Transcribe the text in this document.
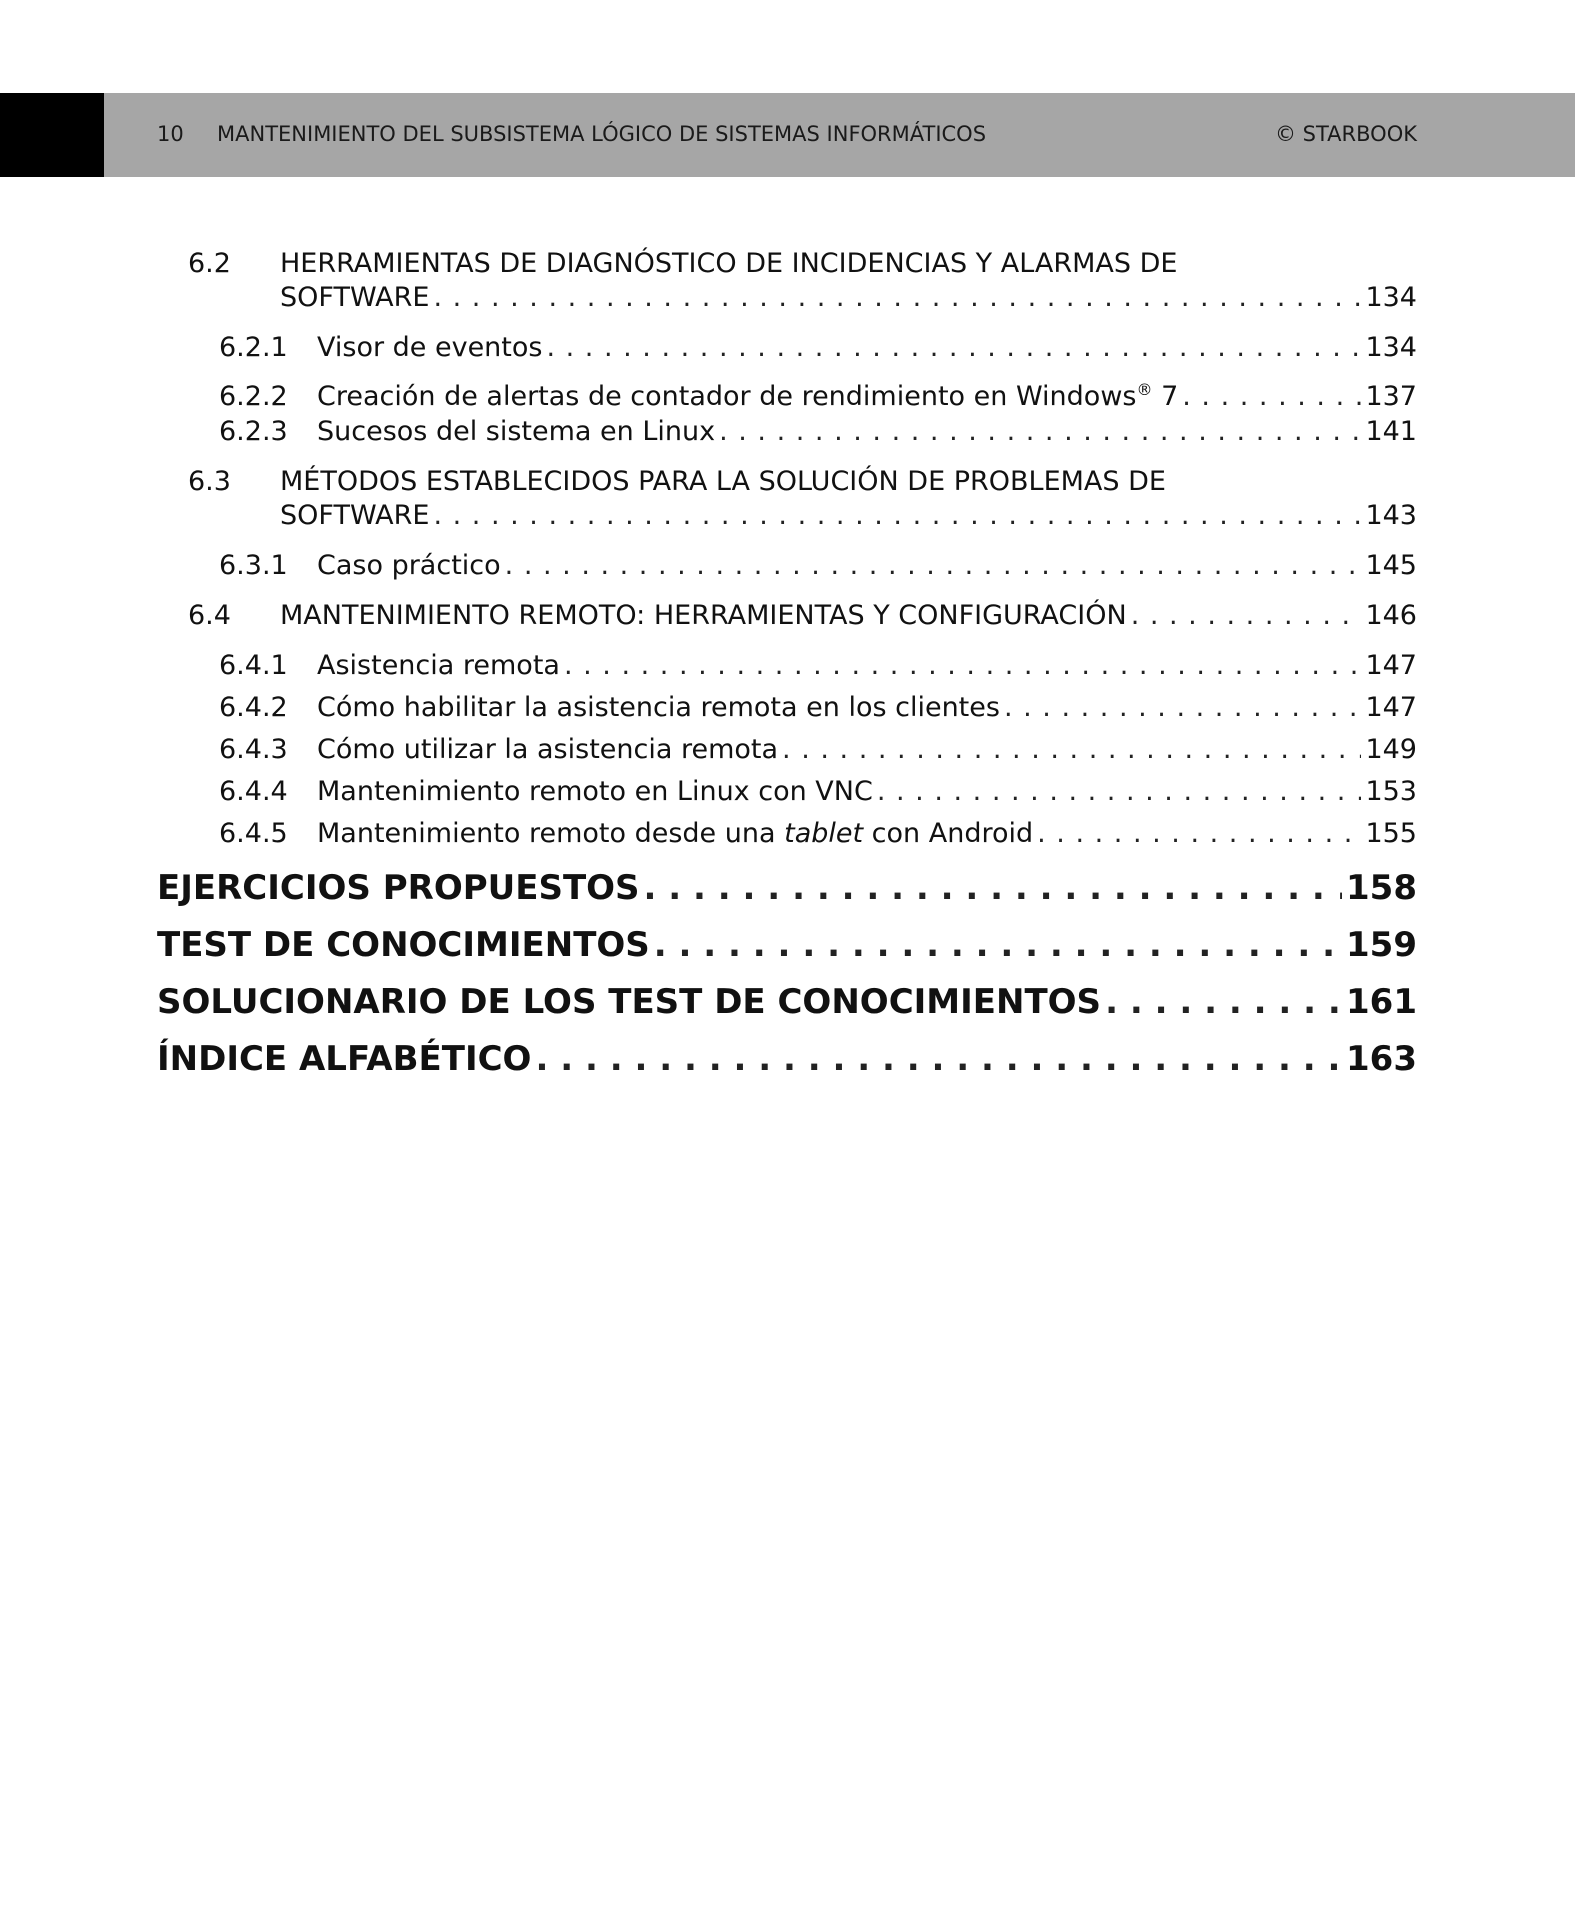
10 MANTENIMIENTO DEL SUBSISTEMA LÓGICO DE SISTEMAS INFORMÁTICOS	© STARBOOK
6.2 HERRAMIENTAS DE DIAGNÓSTICO DE INCIDENCIAS Y ALARMAS DE
SOFTWARE . . .	134
6.2.1	Visor de eventos . . .	134
6.2.2	Creación de alertas de contador de rendimiento en Windows® 7 . . .	137
6.2.3	Sucesos del sistema en Linux . . .	141
6.3 MÉTODOS ESTABLECIDOS PARA LA SOLUCIÓN DE PROBLEMAS DE
SOFTWARE . . .	143
6.3.1	Caso práctico . . .	145
6.4	MANTENIMIENTO REMOTO: HERRAMIENTAS Y CONFIGURACIÓN . . .	146
6.4.1	Asistencia remota . . .	147
6.4.2	Cómo habilitar la asistencia remota en los clientes . . .	147
6.4.3	Cómo utilizar la asistencia remota . . .	149
6.4.4	Mantenimiento remoto en Linux con VNC . . .	153
6.4.5	Mantenimiento remoto desde una tablet con Android . . .	155
EJERCICIOS PROPUESTOS . . .	158
TEST DE CONOCIMIENTOS . . .	159
SOLUCIONARIO DE LOS TEST DE CONOCIMIENTOS . . .	161
ÍNDICE ALFABÉTICO . . .	163
